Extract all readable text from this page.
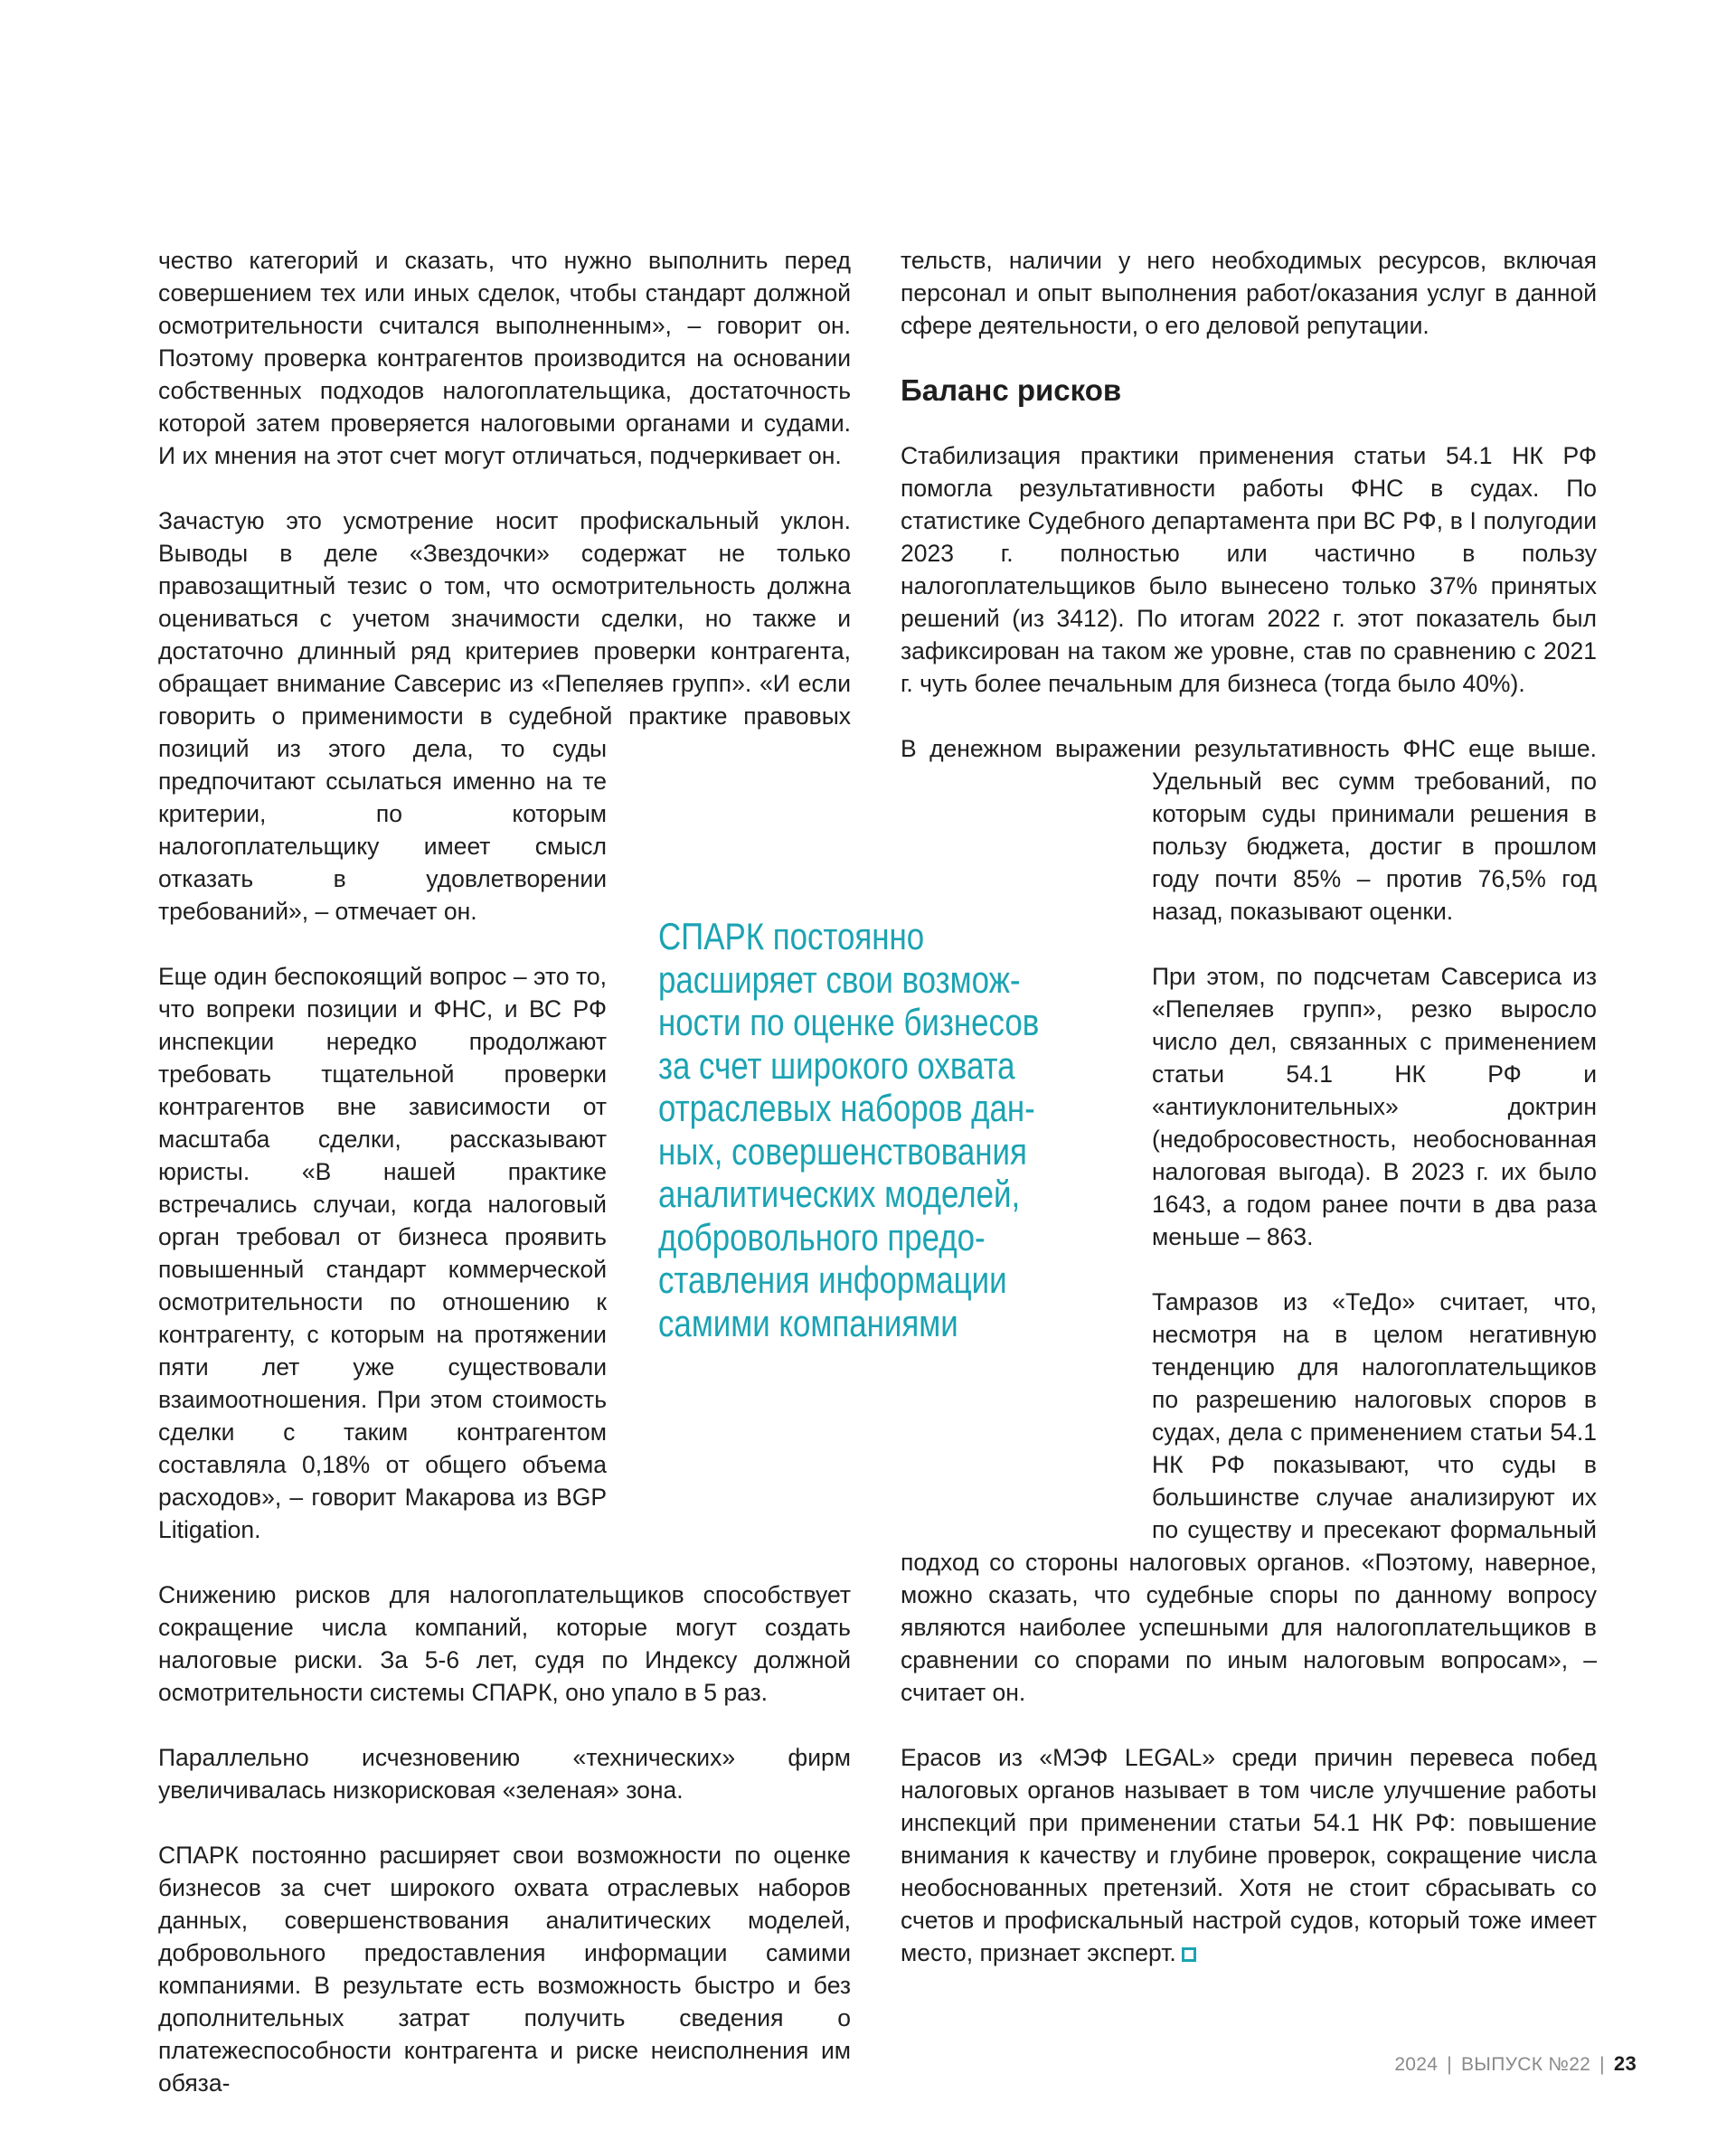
чество категорий и сказать, что нужно выполнить перед совершением тех или иных сделок, чтобы стандарт должной осмотрительности считался выполненным», – говорит он. Поэтому проверка контрагентов производится на основании собственных подходов налогоплательщика, достаточность которой затем проверяется налоговыми органами и судами. И их мнения на этот счет могут отличаться, подчеркивает он.

Зачастую это усмотрение носит профискальный уклон. Выводы в деле «Звездочки» содержат не только правозащитный тезис о том, что осмотрительность должна оцениваться с учетом значимости сделки, но также и достаточно длинный ряд критериев проверки контрагента, обращает внимание Савсерис из «Пепеляев групп». «И если говорить о применимости в судебной практике правовых позиций из этого дела, то суды предпочитают ссылаться именно на те критерии, по которым налогоплательщику имеет смысл отказать в удовлетворении требований», – отмечает он.

Еще один беспокоящий вопрос – это то, что вопреки позиции и ФНС, и ВС РФ инспекции нередко продолжают требовать тщательной проверки контрагентов вне зависимости от масштаба сделки, рассказывают юристы. «В нашей практике встречались случаи, когда налоговый орган требовал от бизнеса проявить повышенный стандарт коммерческой осмотрительности по отношению к контрагенту, с которым на протяжении пяти лет уже существовали взаимоотношения. При этом стоимость сделки с таким контрагентом составляла 0,18% от общего объема расходов», – говорит Макарова из BGP Litigation.

Снижению рисков для налогоплательщиков способствует сокращение числа компаний, которые могут создать налоговые риски. За 5-6 лет, судя по Индексу должной осмотрительности системы СПАРК, оно упало в 5 раз.

Параллельно исчезновению «технических» фирм увеличивалась низкорисковая «зеленая» зона.

СПАРК постоянно расширяет свои возможности по оценке бизнесов за счет широкого охвата отраслевых наборов данных, совершенствования аналитических моделей, добровольного предоставления информации самими компаниями. В результате есть возможность быстро и без дополнительных затрат получить сведения о платежеспособности контрагента и риске неисполнения им обяза-

тельств, наличии у него необходимых ресурсов, включая персонал и опыт выполнения работ/оказания услуг в данной сфере деятельности, о его деловой репутации.

Баланс рисков

Стабилизация практики применения статьи 54.1 НК РФ помогла результативности работы ФНС в судах. По статистике Судебного департамента при ВС РФ, в I полугодии 2023 г. полностью или частично в пользу налогоплательщиков было вынесено только 37% принятых решений (из 3412). По итогам 2022 г. этот показатель был зафиксирован на таком же уровне, став по сравнению с 2021 г. чуть более печальным для бизнеса (тогда было 40%).

В денежном выражении результативность ФНС еще выше. Удельный вес сумм требований, по которым суды принимали решения в пользу бюджета, достиг в прошлом году почти 85% – против 76,5% год назад, показывают оценки.

При этом, по подсчетам Савсериса из «Пепеляев групп», резко выросло число дел, связанных с применением статьи 54.1 НК РФ и «антиуклонительных» доктрин (недобросовестность, необоснованная налоговая выгода). В 2023 г. их было 1643, а годом ранее почти в два раза меньше – 863.

Тамразов из «ТеДо» считает, что, несмотря на в целом негативную тенденцию для налогоплательщиков по разрешению налоговых споров в судах, дела с применением статьи 54.1 НК РФ показывают, что суды в большинстве случае анализируют их по существу и пресекают формальный подход со стороны налоговых органов. «Поэтому, наверное, можно сказать, что судебные споры по данному вопросу являются наиболее успешными для налогоплательщиков в сравнении со спорами по иным налоговым вопросам», – считает он.

Ерасов из «МЭФ LEGAL» среди причин перевеса побед налоговых органов называет в том числе улучшение работы инспекций при применении статьи 54.1 НК РФ: повышение внимания к качеству и глубине проверок, сокращение числа необоснованных претензий. Хотя не стоит сбрасывать со счетов и профискальный настрой судов, который тоже имеет место, признает эксперт.

СПАРК постоянно
расширяет свои возмож-
ности по оценке бизнесов
за счет широкого охвата
отраслевых наборов дан-
ных, совершенствования
аналитических моделей,
добровольного предо-
ставления информации
самими компаниями
2024 | ВЫПУСК №22 | 23
